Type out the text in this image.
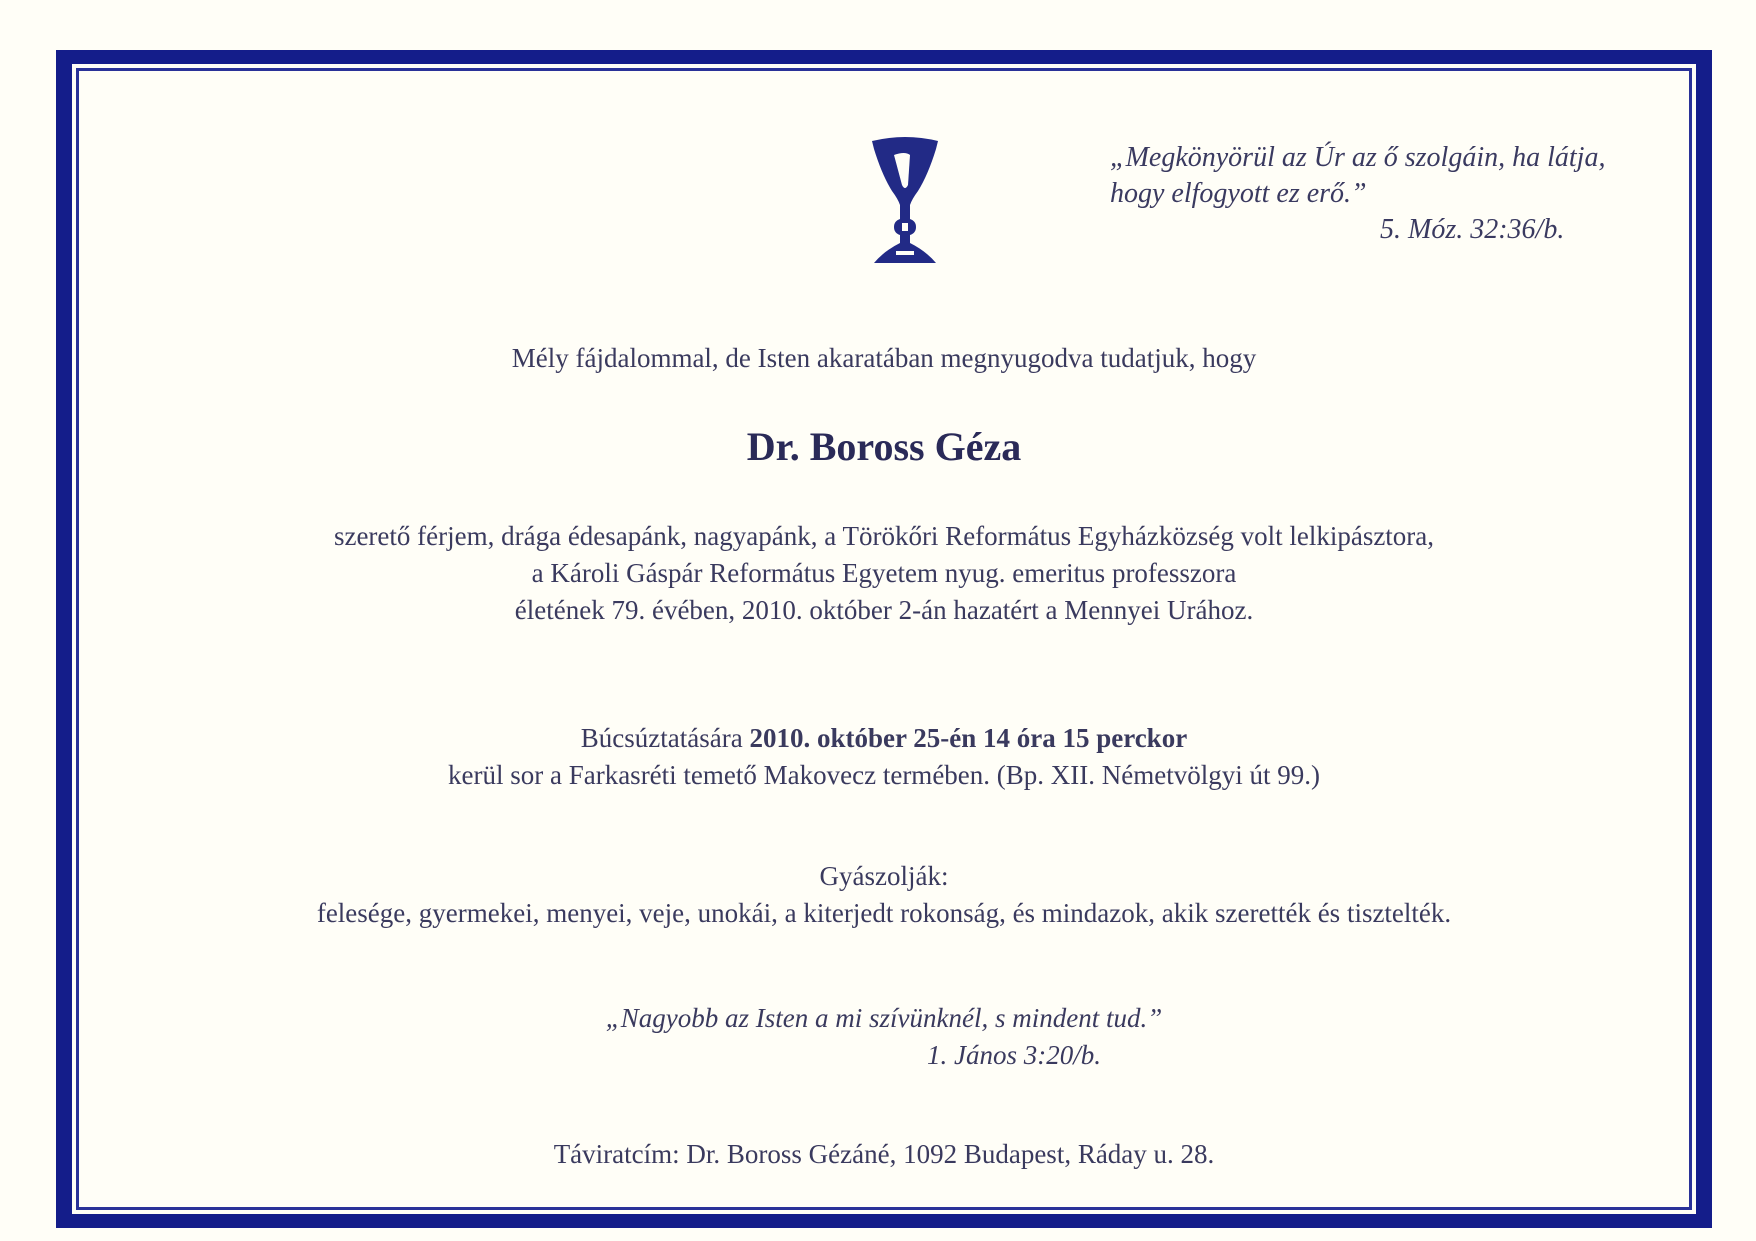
„Megkönyörül az Úr az ő szolgáin, ha látja,
hogy elfogyott ez erő.”

5. Móz. 32:36/b.
Mély fájdalommal, de Isten akaratában megnyugodva tudatjuk, hogy
Dr. Boross Géza
szerető férjem, drága édesapánk, nagyapánk, a Törökőri Református Egyházközség volt lelkipásztora,
a Károli Gáspár Református Egyetem nyug. emeritus professzora
életének 79. évében, 2010. október 2-án hazatért a Mennyei Urához.
Búcsúztatására 2010. október 25-én 14 óra 15 perckor
kerül sor a Farkasréti temető Makovecz termében. (Bp. XII. Németvölgyi út 99.)
Gyászolják:
felesége, gyermekei, menyei, veje, unokái, a kiterjedt rokonság, és mindazok, akik szerették és tisztelték.
„Nagyobb az Isten a mi szívünknél, s mindent tud.”

1. János 3:20/b.
Táviratcím: Dr. Boross Gézáné, 1092 Budapest, Ráday u. 28.
